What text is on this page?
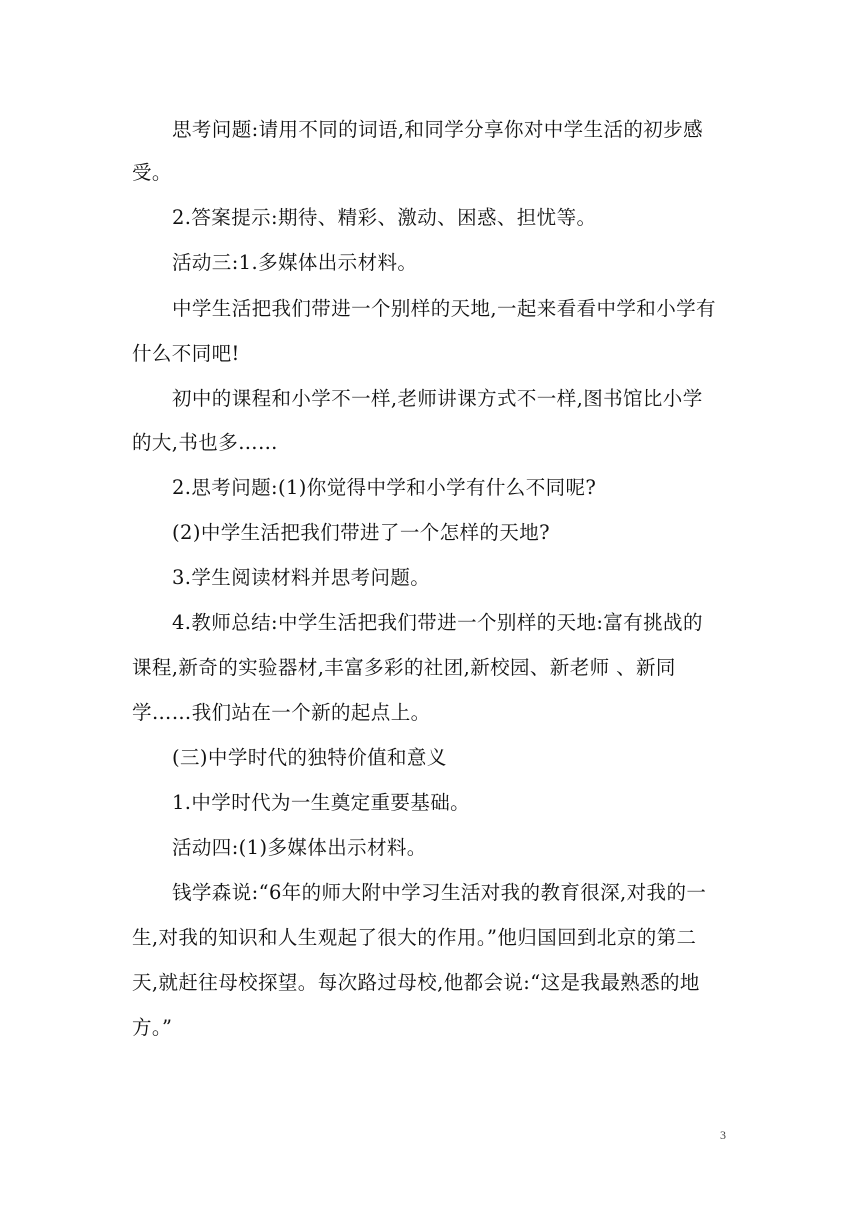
思考问题:请用不同的词语,和同学分享你对中学生活的初步感
受。
2.答案提示:期待、精彩、激动、困惑、担忧等。
活动三:1.多媒体出示材料。
中学生活把我们带进一个别样的天地,一起来看看中学和小学有
什么不同吧!
初中的课程和小学不一样,老师讲课方式不一样,图书馆比小学
的大,书也多……
2.思考问题:(1)你觉得中学和小学有什么不同呢?
(2)中学生活把我们带进了一个怎样的天地?
3.学生阅读材料并思考问题。
4.教师总结:中学生活把我们带进一个别样的天地:富有挑战的
课程,新奇的实验器材,丰富多彩的社团,新校园、新老师 、新同
学……我们站在一个新的起点上。
(三)中学时代的独特价值和意义
1.中学时代为一生奠定重要基础。
活动四:(1)多媒体出示材料。
钱学森说:“6年的师大附中学习生活对我的教育很深,对我的一
生,对我的知识和人生观起了很大的作用。”他归国回到北京的第二
天,就赶往母校探望。每次路过母校,他都会说:“这是我最熟悉的地
方。”
3
